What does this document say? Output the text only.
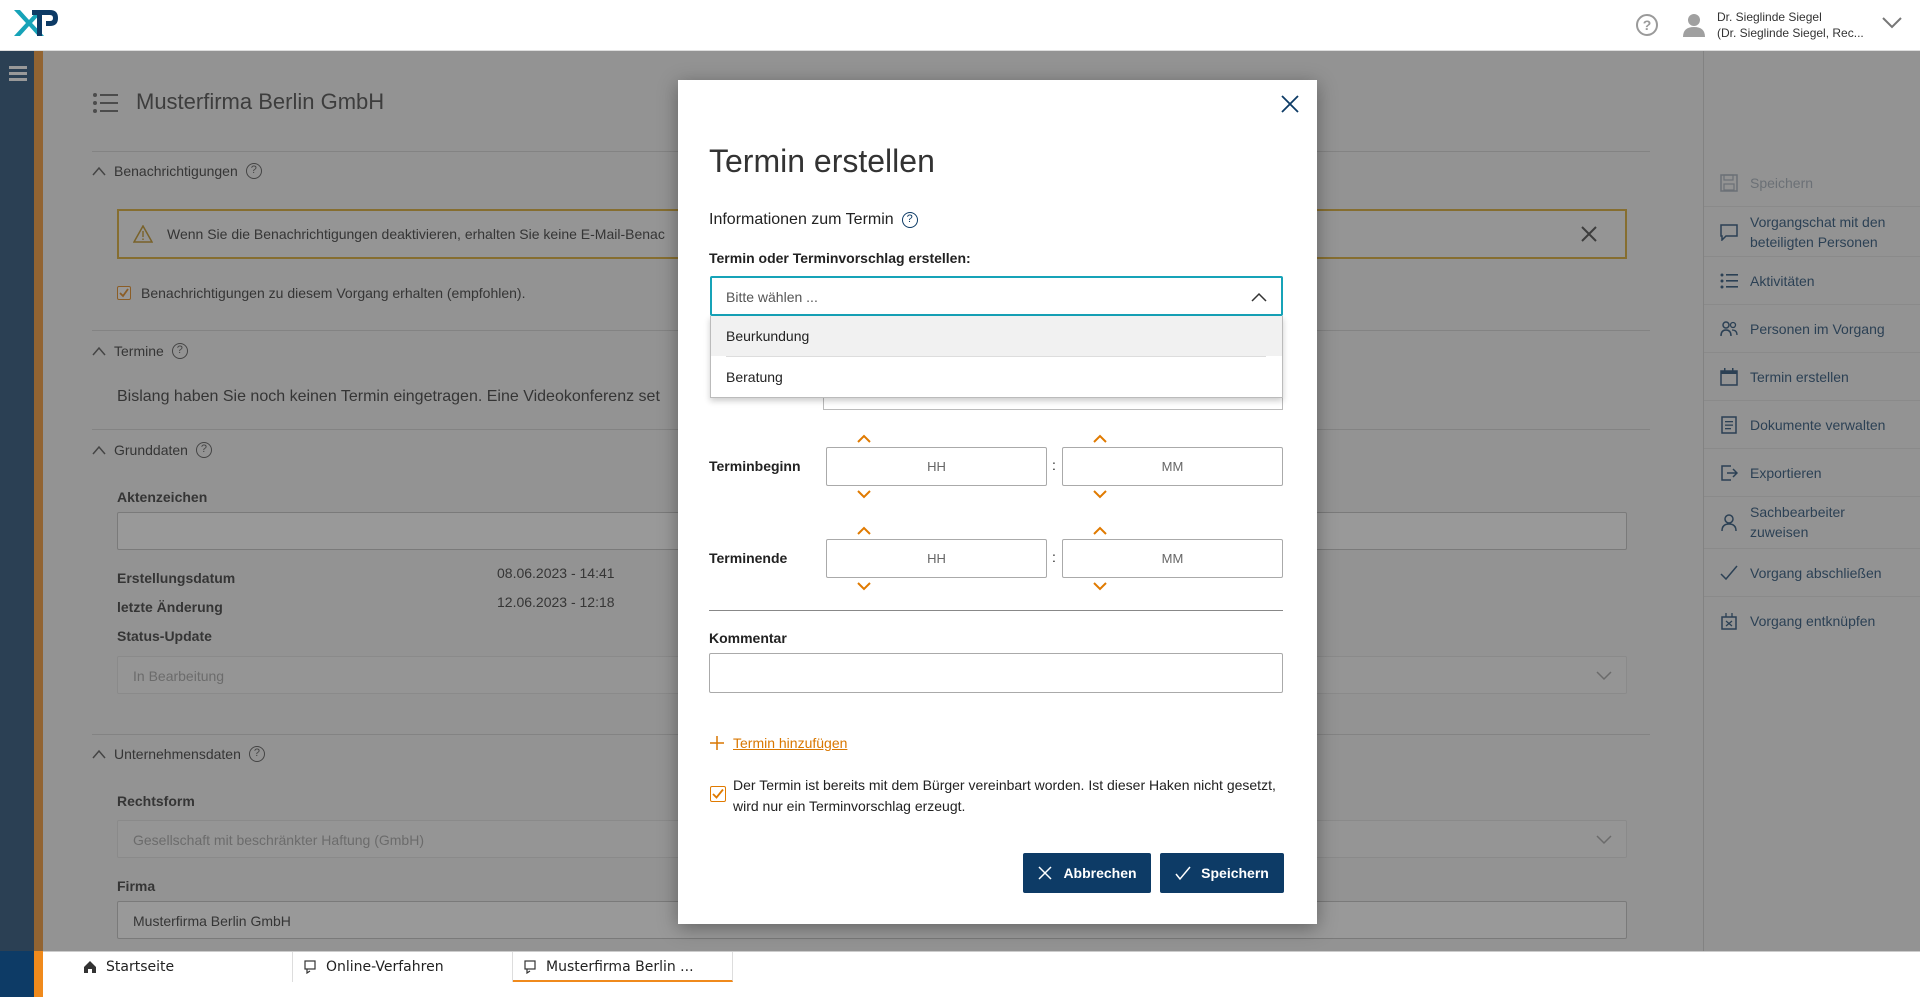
?	Dr. Sieglinde Siegel
(Dr. Sieglinde Siegel, Rec...
Startseite	Online-Verfahren	Musterfirma Berlin ...
Termin erstellen
Informationen zum Termin	?
Termin oder Terminvorschlag erstellen:
Bitte wählen ...
Beurkundung
Beratung
Terminbeginn	HH	:	MM
Terminende	HH	:	MM
Kommentar
Termin hinzufügen
Der Termin ist bereits mit dem Bürger vereinbart worden. Ist dieser Haken nicht gesetzt, wird nur ein Terminvorschlag erzeugt.
Abbrechen	Speichern
